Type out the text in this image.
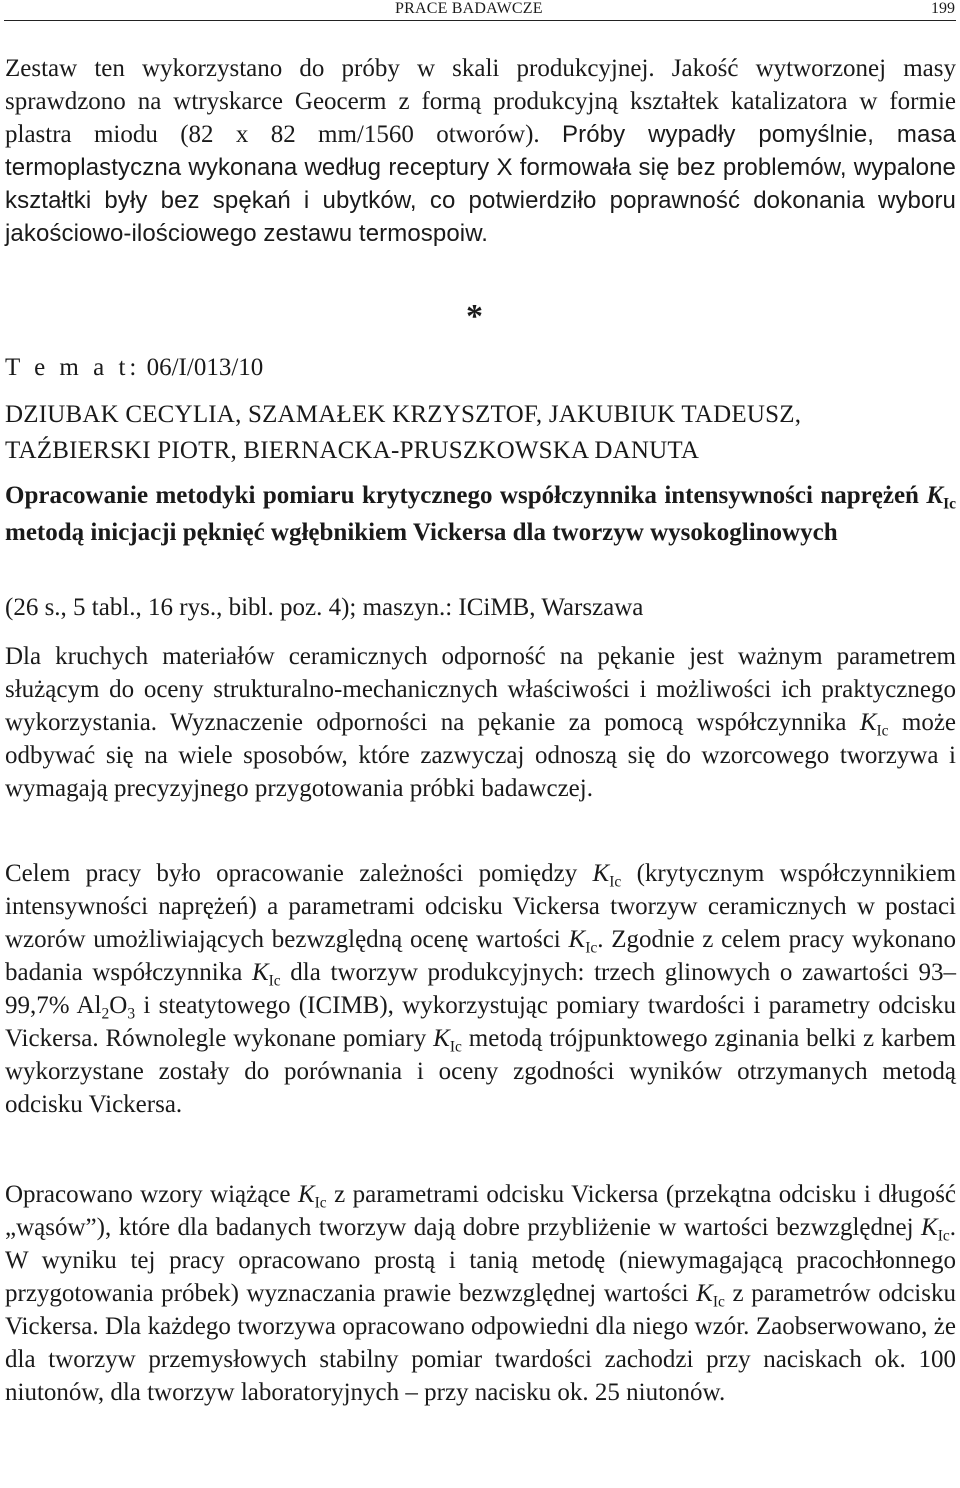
PRACE BADAWCZE	199

Zestaw ten wykorzystano do próby w skali produkcyjnej. Jakość wytworzonej masy sprawdzono na wtryskarce Geocerm z formą produkcyjną kształtek katalizatora w formie plastra miodu (82 x 82 mm/1560 otworów). Próby wypadły pomyślnie, masa termoplastyczna wykonana według receptury X formowała się bez problemów, wypalone kształtki były bez spękań i ubytków, co potwierdziło poprawność dokonania wyboru jakościowo-ilościowego zestawu termospoiw.

*
T e m a t: 06/I/013/10
DZIUBAK CECYLIA, SZAMAŁEK KRZYSZTOF, JAKUBIUK TADEUSZ,
TAŹBIERSKI PIOTR, BIERNACKA-PRUSZKOWSKA DANUTA
Opracowanie metodyki pomiaru krytycznego współczynnika intensywności naprężeń $K_{Ic}$ metodą inicjacji pęknięć wgłębnikiem Vickersa dla tworzyw wysokoglinowych
(26 s., 5 tabl., 16 rys., bibl. poz. 4); maszyn.: ICiMB, Warszawa

Dla kruchych materiałów ceramicznych odporność na pękanie jest ważnym parametrem służącym do oceny strukturalno-mechanicznych właściwości i możliwości ich praktycznego wykorzystania. Wyznaczenie odporności na pękanie za pomocą współczynnika $K_{Ic}$ może odbywać się na wiele sposobów, które zazwyczaj odnoszą się do wzorcowego tworzywa i wymagają precyzyjnego przygotowania próbki badawczej.

Celem pracy było opracowanie zależności pomiędzy $K_{Ic}$ (krytycznym współczynnikiem intensywności naprężeń) a parametrami odcisku Vickersa tworzyw ceramicznych w postaci wzorów umożliwiających bezwzględną ocenę wartości $K_{Ic}$. Zgodnie z celem pracy wykonano badania współczynnika $K_{Ic}$ dla tworzyw produkcyjnych: trzech glinowych o zawartości 93–99,7% $Al_2O_3$ i steatytowego (ICIMB), wykorzystując pomiary twardości i parametry odcisku Vickersa. Równolegle wykonane pomiary $K_{Ic}$ metodą trójpunktowego zginania belki z karbem wykorzystane zostały do porównania i oceny zgodności wyników otrzymanych metodą odcisku Vickersa.

Opracowano wzory wiążące $K_{Ic}$ z parametrami odcisku Vickersa (przekątna odcisku i długość „wąsów”), które dla badanych tworzyw dają dobre przybliżenie w wartości bezwzględnej $K_{Ic}$. W wyniku tej pracy opracowano prostą i tanią metodę (niewymagającą pracochłonnego przygotowania próbek) wyznaczania prawie bezwzględnej wartości $K_{Ic}$ z parametrów odcisku Vickersa. Dla każdego tworzywa opracowano odpowiedni dla niego wzór. Zaobserwowano, że dla tworzyw przemysłowych stabilny pomiar twardości zachodzi przy naciskach ok. 100 niutonów, dla tworzyw laboratoryjnych – przy nacisku ok. 25 niutonów.
